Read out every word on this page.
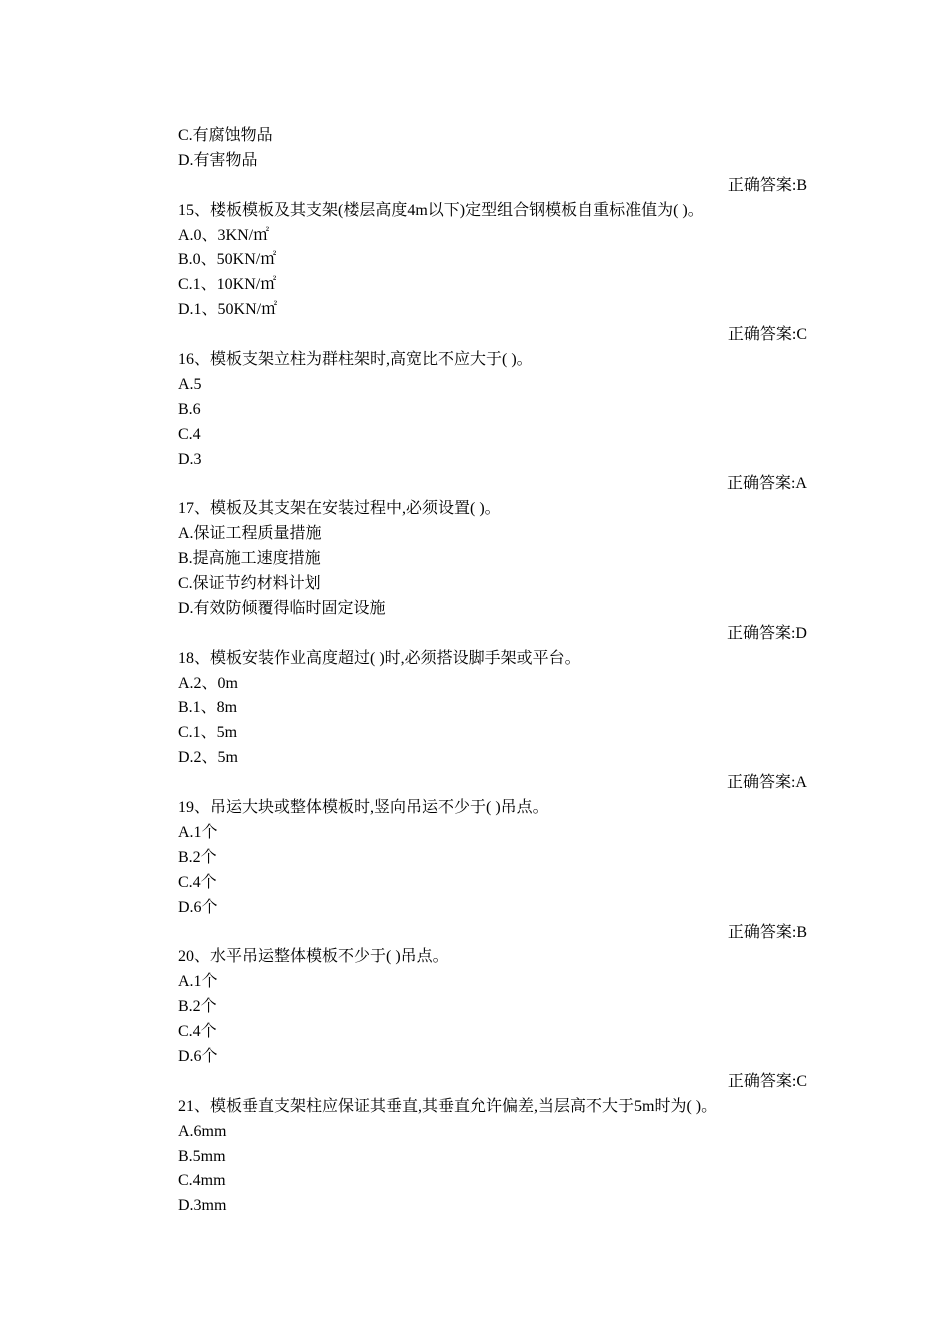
C.有腐蚀物品
D.有害物品
正确答案:B
15、楼板模板及其支架(楼层高度4m以下)定型组合钢模板自重标准值为( )。
A.0、3KN/㎡
B.0、50KN/㎡
C.1、10KN/㎡
D.1、50KN/㎡
正确答案:C
16、模板支架立柱为群柱架时,高宽比不应大于( )。
A.5
B.6
C.4
D.3
正确答案:A
17、模板及其支架在安装过程中,必须设置( )。
A.保证工程质量措施
B.提高施工速度措施
C.保证节约材料计划
D.有效防倾覆得临时固定设施
正确答案:D
18、模板安装作业高度超过( )时,必须搭设脚手架或平台。
A.2、0m
B.1、8m
C.1、5m
D.2、5m
正确答案:A
19、吊运大块或整体模板时,竖向吊运不少于( )吊点。
A.1个
B.2个
C.4个
D.6个
正确答案:B
20、水平吊运整体模板不少于( )吊点。
A.1个
B.2个
C.4个
D.6个
正确答案:C
21、模板垂直支架柱应保证其垂直,其垂直允许偏差,当层高不大于5m时为( )。
A.6mm
B.5mm
C.4mm
D.3mm
